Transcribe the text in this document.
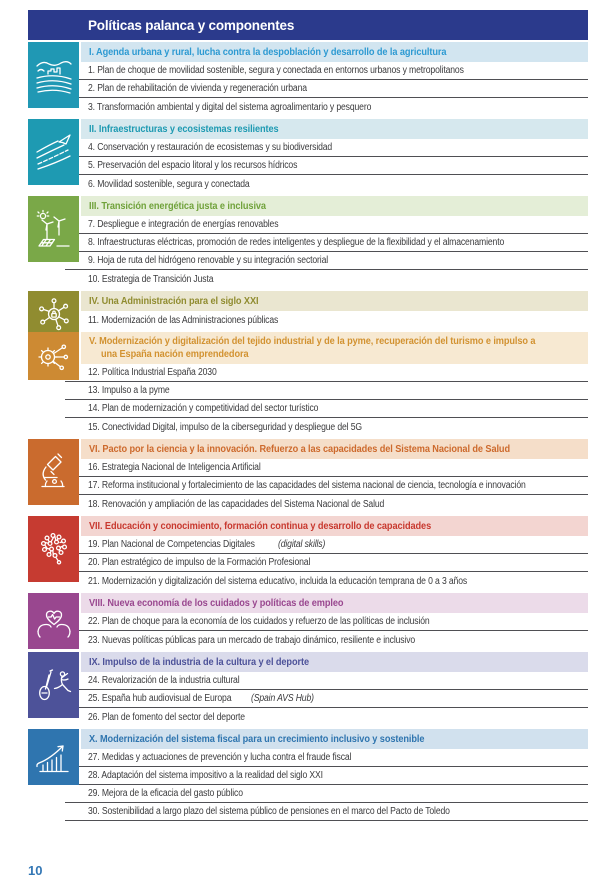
Políticas palanca y componentes
I. Agenda urbana y rural, lucha contra la despoblación y desarrollo de la agricultura
1. Plan de choque de movilidad sostenible, segura y conectada en entornos urbanos y metropolitanos
2. Plan de rehabilitación de vivienda y regeneración urbana
3. Transformación ambiental y digital del sistema agroalimentario y pesquero
II. Infraestructuras y ecosistemas resilientes
4. Conservación y restauración de ecosistemas y su biodiversidad
5. Preservación del espacio litoral y los recursos hídricos
6. Movilidad sostenible, segura y conectada
III. Transición energética justa e inclusiva
7. Despliegue e integración de energías renovables
8. Infraestructuras eléctricas, promoción de redes inteligentes y despliegue de la flexibilidad y el almacenamiento
9. Hoja de ruta del hidrógeno renovable y su integración sectorial
10. Estrategia de Transición Justa
IV. Una Administración para el siglo XXI
11. Modernización de las Administraciones públicas
V. Modernización y digitalización del tejido industrial y de la pyme, recuperación del turismo e impulso a una España nación emprendedora
12. Política Industrial España 2030
13. Impulso a la pyme
14. Plan de modernización y competitividad del sector turístico
15. Conectividad Digital, impulso de la ciberseguridad y despliegue del 5G
VI. Pacto por la ciencia y la innovación. Refuerzo a las capacidades del Sistema Nacional de Salud
16. Estrategia Nacional de Inteligencia Artificial
17. Reforma institucional y fortalecimiento de las capacidades del sistema nacional de ciencia, tecnología e innovación
18. Renovación y ampliación de las capacidades del Sistema Nacional de Salud
VII. Educación y conocimiento, formación continua y desarrollo de capacidades
19. Plan Nacional de Competencias Digitales (digital skills)
20. Plan estratégico de impulso de la Formación Profesional
21. Modernización y digitalización del sistema educativo, incluida la educación temprana de 0 a 3 años
VIII. Nueva economía de los cuidados y políticas de empleo
22. Plan de choque para la economía de los cuidados y refuerzo de las políticas de inclusión
23. Nuevas políticas públicas para un mercado de trabajo dinámico, resiliente e inclusivo
IX. Impulso de la industria de la cultura y el deporte
24. Revalorización de la industria cultural
25. España hub audiovisual de Europa (Spain AVS Hub)
26. Plan de fomento del sector del deporte
X. Modernización del sistema fiscal para un crecimiento inclusivo y sostenible
27. Medidas y actuaciones de prevención y lucha contra el fraude fiscal
28. Adaptación del sistema impositivo a la realidad del siglo XXI
29. Mejora de la eficacia del gasto público
30. Sostenibilidad a largo plazo del sistema público de pensiones en el marco del Pacto de Toledo
10
